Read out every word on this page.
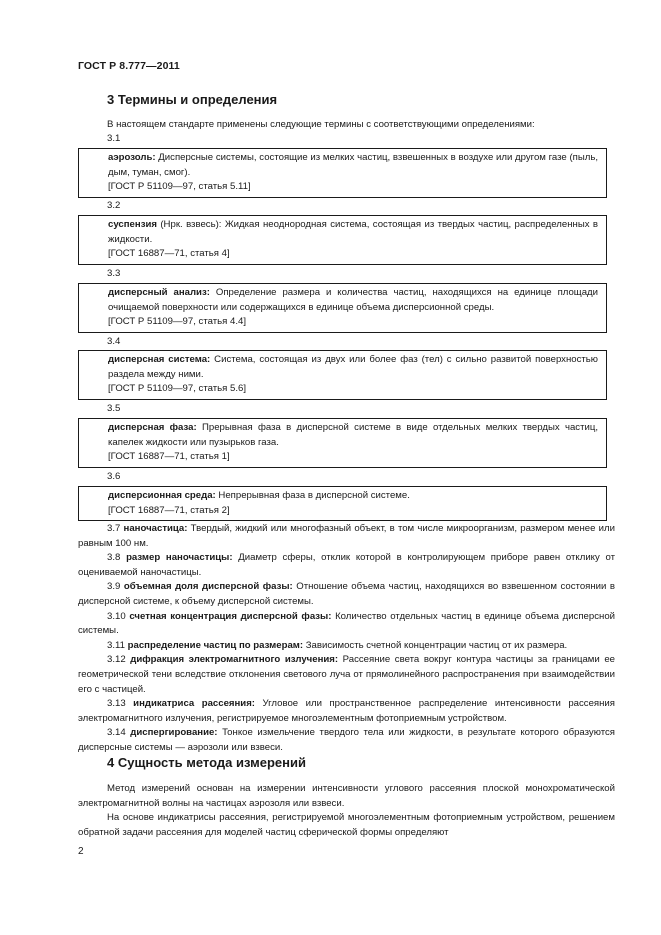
ГОСТ Р 8.777—2011
3 Термины и определения
В настоящем стандарте применены следующие термины с соответствующими определениями:
3.1
аэрозоль: Дисперсные системы, состоящие из мелких частиц, взвешенных в воздухе или другом газе (пыль, дым, туман, смог).
[ГОСТ Р 51109—97, статья 5.11]
3.2
суспензия (Нрк. взвесь): Жидкая неоднородная система, состоящая из твердых частиц, распределенных в жидкости.
[ГОСТ 16887—71, статья 4]
3.3
дисперсный анализ: Определение размера и количества частиц, находящихся на единице площади очищаемой поверхности или содержащихся в единице объема дисперсионной среды.
[ГОСТ Р 51109—97, статья 4.4]
3.4
дисперсная система: Система, состоящая из двух или более фаз (тел) с сильно развитой поверхностью раздела между ними.
[ГОСТ Р 51109—97, статья 5.6]
3.5
дисперсная фаза: Прерывная фаза в дисперсной системе в виде отдельных мелких твердых частиц, капелек жидкости или пузырьков газа.
[ГОСТ 16887—71, статья 1]
3.6
дисперсионная среда: Непрерывная фаза в дисперсной системе.
[ГОСТ 16887—71, статья 2]
3.7 наночастица: Твердый, жидкий или многофазный объект, в том числе микроорганизм, размером менее или равным 100 нм.
3.8 размер наночастицы: Диаметр сферы, отклик которой в контролирующем приборе равен отклику от оцениваемой наночастицы.
3.9 объемная доля дисперсной фазы: Отношение объема частиц, находящихся во взвешенном состоянии в дисперсной системе, к объему дисперсной системы.
3.10 счетная концентрация дисперсной фазы: Количество отдельных частиц в единице объема дисперсной системы.
3.11 распределение частиц по размерам: Зависимость счетной концентрации частиц от их размера.
3.12 дифракция электромагнитного излучения: Рассеяние света вокруг контура частицы за границами ее геометрической тени вследствие отклонения светового луча от прямолинейного распространения при взаимодействии его с частицей.
3.13 индикатриса рассеяния: Угловое или пространственное распределение интенсивности рассеяния электромагнитного излучения, регистрируемое многоэлементным фотоприемным устройством.
3.14 диспергирование: Тонкое измельчение твердого тела или жидкости, в результате которого образуются дисперсные системы — аэрозоли или взвеси.
4 Сущность метода измерений
Метод измерений основан на измерении интенсивности углового рассеяния плоской монохроматической электромагнитной волны на частицах аэрозоля или взвеси.
На основе индикатрисы рассеяния, регистрируемой многоэлементным фотоприемным устройством, решением обратной задачи рассеяния для моделей частиц сферической формы определяют
2
